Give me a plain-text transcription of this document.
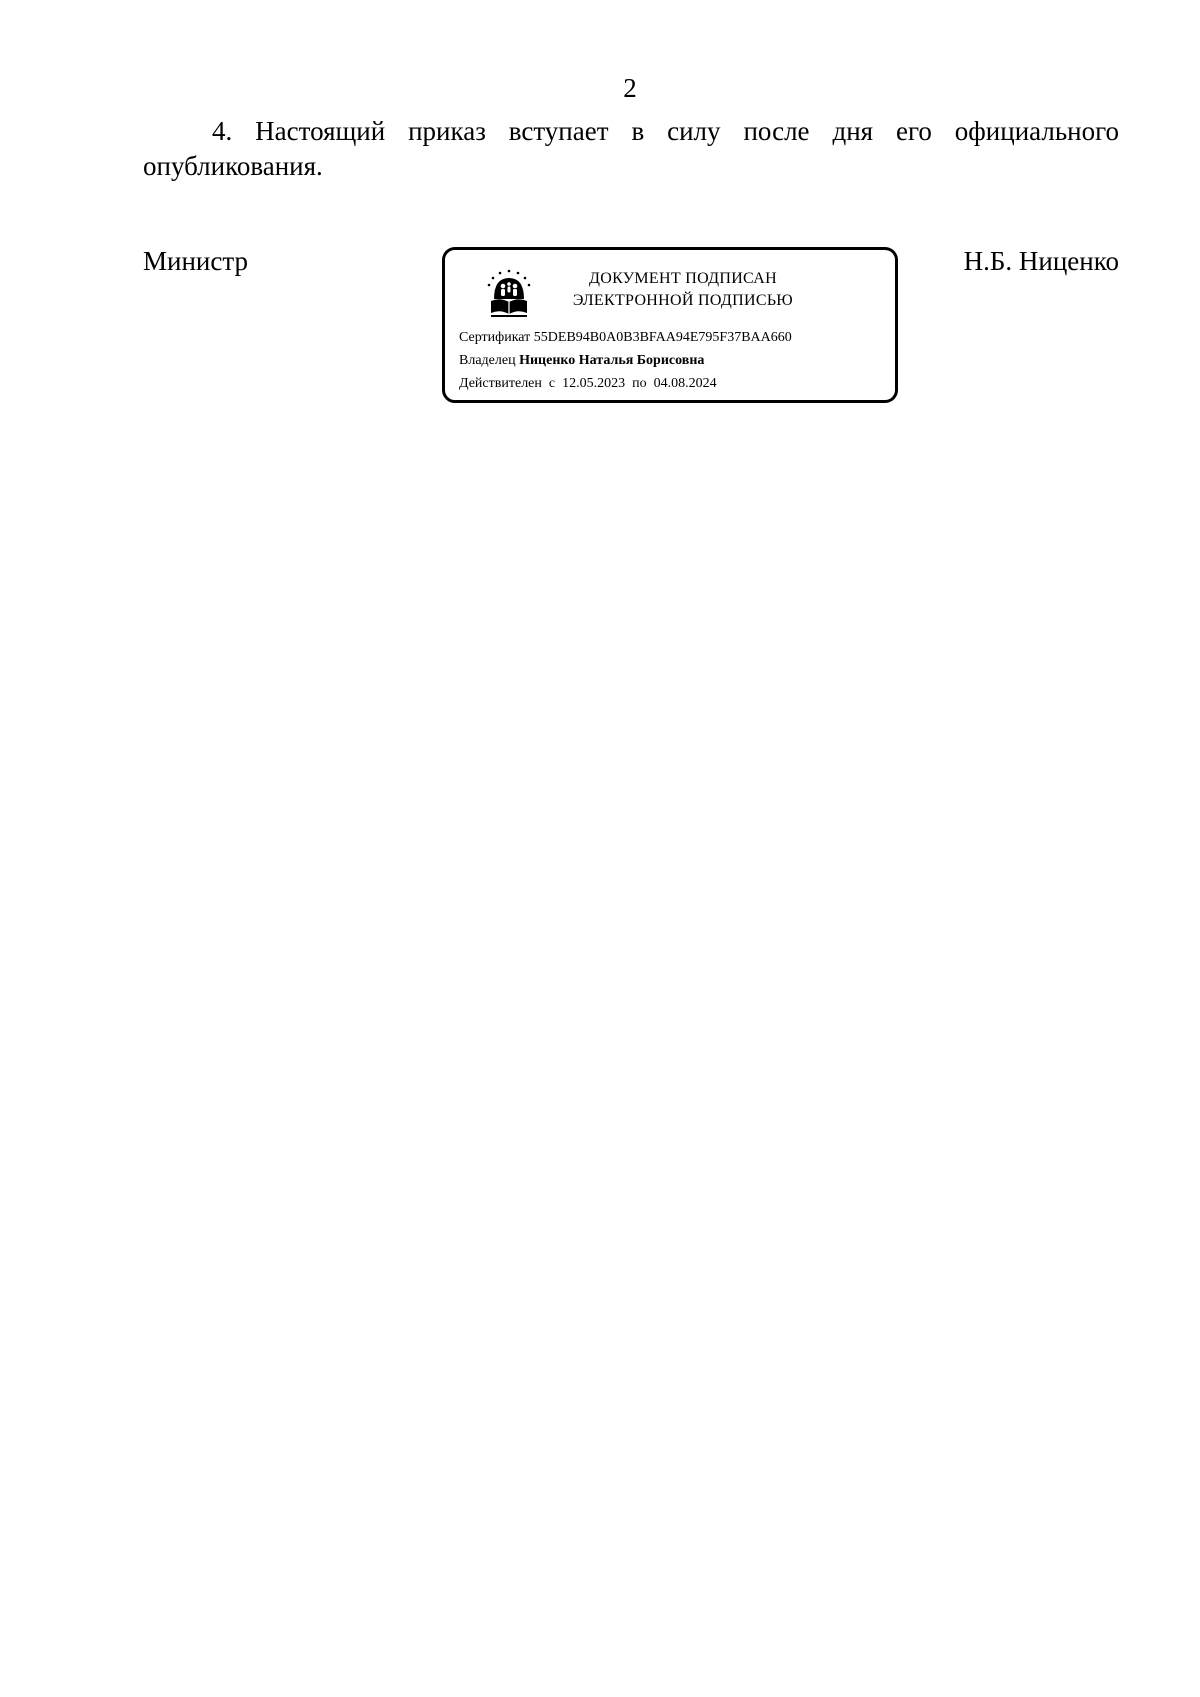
2

4. Настоящий приказ вступает в силу после дня его официального опубликования.

Министр
ДОКУМЕНТ ПОДПИСАН
ЭЛЕКТРОННОЙ ПОДПИСЬЮ
Сертификат 55DEB94B0A0B3BFAA94E795F37BAA660
Владелец Ниценко Наталья Борисовна
Действителен с 12.05.2023 по 04.08.2024
Н.Б. Ниценко
